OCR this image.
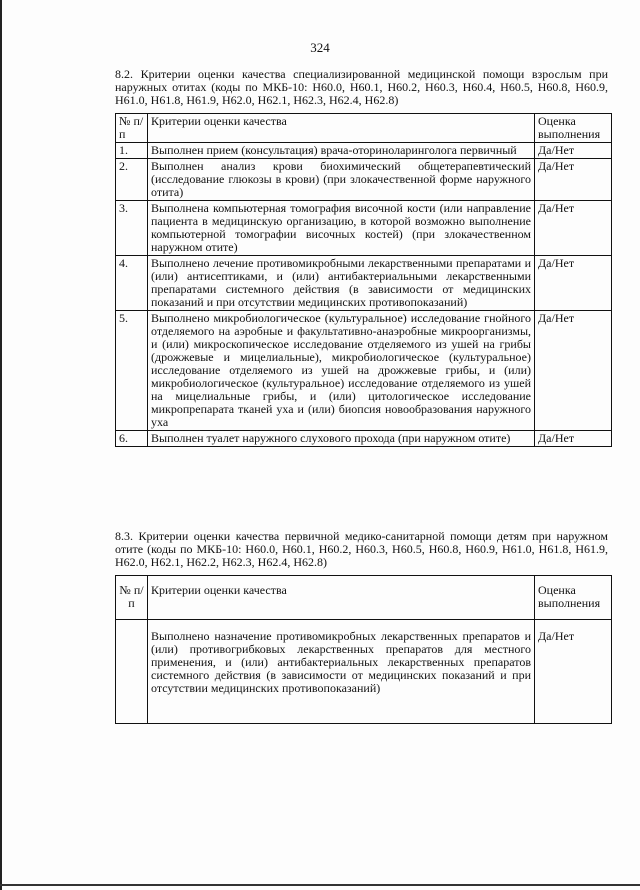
324
8.2. Критерии оценки качества специализированной медицинской помощи взрослым при наружных отитах (коды по МКБ-10: H60.0, H60.1, H60.2, H60.3, H60.4, H60.5, H60.8, H60.9, H61.0, H61.8, H61.9, H62.0, H62.1, H62.3, H62.4, H62.8)
№ п/п	Критерии оценки качества	Оценка выполнения
1.	Выполнен прием (консультация) врача-оториноларинголога первичный	Да/Нет
2.	Выполнен анализ крови биохимический общетерапевтический (исследование глюкозы в крови) (при злокачественной форме наружного отита)	Да/Нет
3.	Выполнена компьютерная томография височной кости (или направление пациента в медицинскую организацию, в которой возможно выполнение компьютерной томографии височных костей) (при злокачественном наружном отите)	Да/Нет
4.	Выполнено лечение противомикробными лекарственными препаратами и (или) антисептиками, и (или) антибактериальными лекарственными препаратами системного действия (в зависимости от медицинских показаний и при отсутствии медицинских противопоказаний)	Да/Нет
5.	Выполнено микробиологическое (культуральное) исследование гнойного отделяемого на аэробные и факультативно-анаэробные микроорганизмы, и (или) микроскопическое исследование отделяемого из ушей на грибы (дрожжевые и мицелиальные), микробиологическое (культуральное) исследование отделяемого из ушей на дрожжевые грибы, и (или) микробиологическое (культуральное) исследование отделяемого из ушей на мицелиальные грибы, и (или) цитологическое исследование микропрепарата тканей уха и (или) биопсия новообразования наружного уха	Да/Нет
6.	Выполнен туалет наружного слухового прохода (при наружном отите)	Да/Нет
8.3. Критерии оценки качества первичной медико-санитарной помощи детям при наружном отите (коды по МКБ-10: H60.0, H60.1, H60.2, H60.3, H60.5, H60.8, H60.9, H61.0, H61.8, H61.9, H62.0, H62.1, H62.2, H62.3, H62.4, H62.8)
№ п/п	Критерии оценки качества	Оценка выполнения
	Выполнено назначение противомикробных лекарственных препаратов и (или) противогрибковых лекарственных препаратов для местного применения, и (или) антибактериальных лекарственных препаратов системного действия (в зависимости от медицинских показаний и при отсутствии медицинских противопоказаний)	Да/Нет
